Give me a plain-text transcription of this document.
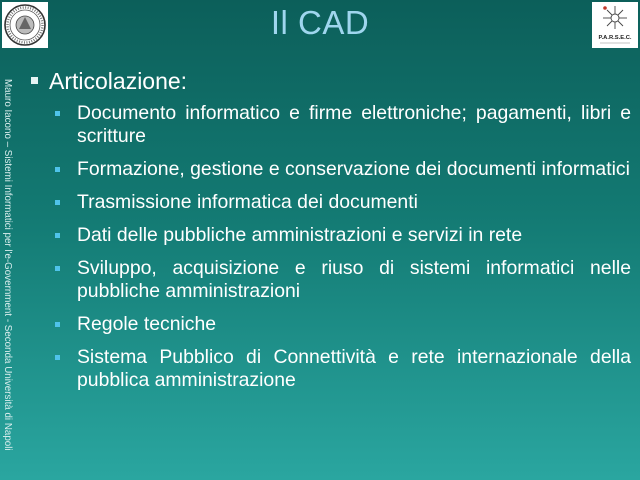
Il CAD	P.A.R.S.E.C.
Mauro Iacono – Sistemi Informatici per l'e-Government - Seconda Università di Napoli Articolazione:
Documento informatico e firme elettroniche; pagamenti, libri e scritture
Formazione, gestione e conservazione dei documenti informatici
Trasmissione informatica dei documenti
Dati delle pubbliche amministrazioni e servizi in rete
Sviluppo, acquisizione e riuso di sistemi informatici nelle pubbliche amministrazioni
Regole tecniche
Sistema Pubblico di Connettività e rete internazionale della pubblica amministrazione
